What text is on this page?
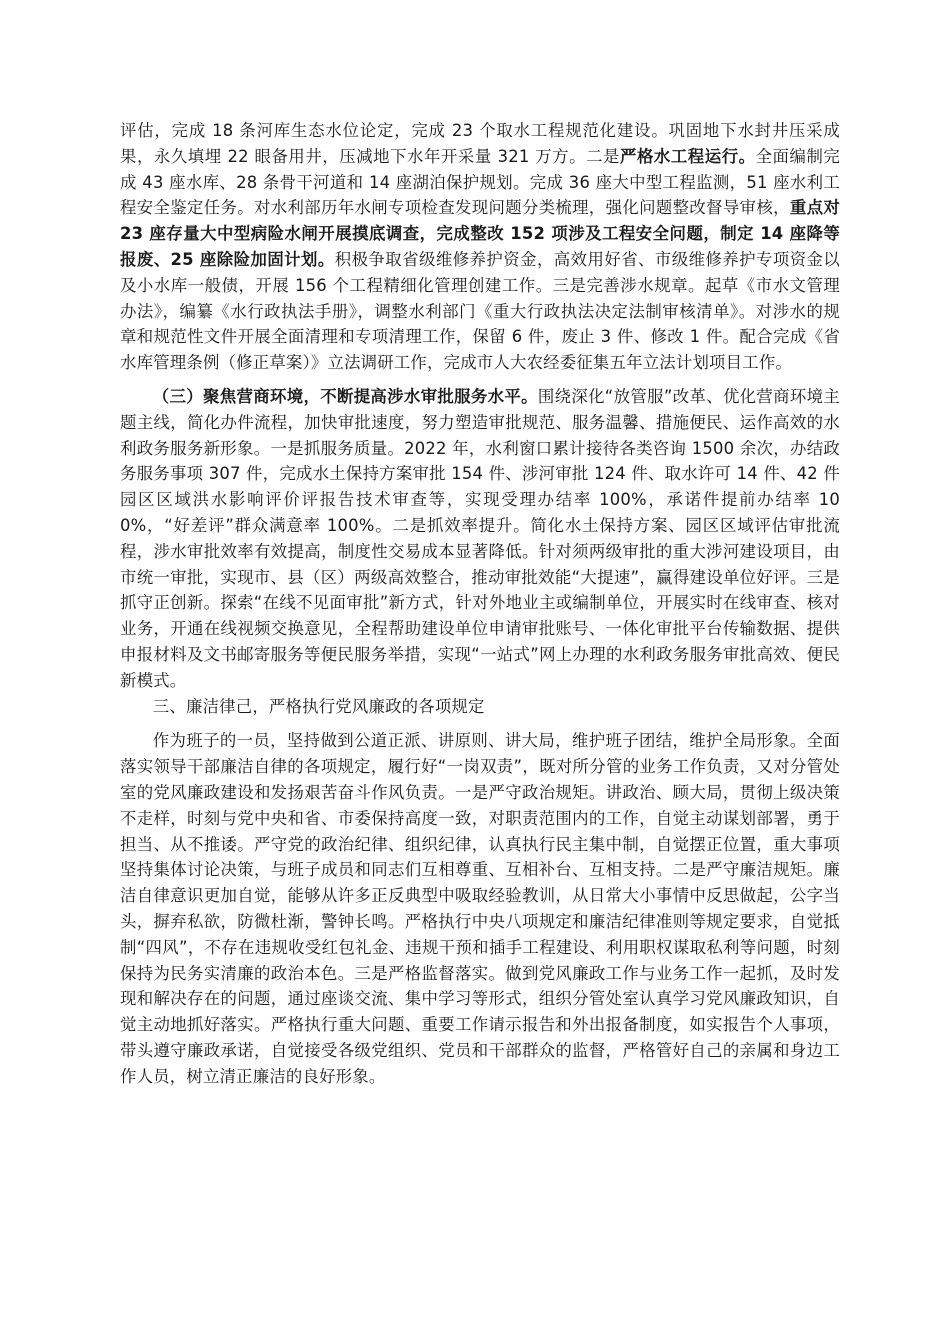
评估，完成 18 条河库生态水位论定，完成 23 个取水工程规范化建设。巩固地下水封井压采成果，永久填埋 22 眼备用井，压减地下水年开采量 321 万方。二是严格水工程运行。全面编制完成 43 座水库、28 条骨干河道和 14 座湖泊保护规划。完成 36 座大中型工程监测，51 座水利工程安全鉴定任务。对水利部历年水闸专项检查发现问题分类梳理，强化问题整改督导审核，重点对 23 座存量大中型病险水闸开展摸底调查，完成整改 152 项涉及工程安全问题，制定 14 座降等报废、25 座除险加固计划。积极争取省级维修养护资金，高效用好省、市级维修养护专项资金以及小水库一般债，开展 156 个工程精细化管理创建工作。三是完善涉水规章。起草《市水文管理办法》，编纂《水行政执法手册》，调整水利部门《重大行政执法决定法制审核清单》。对涉水的规章和规范性文件开展全面清理和专项清理工作，保留 6 件，废止 3 件、修改 1 件。配合完成《省水库管理条例（修正草案）》立法调研工作，完成市人大农经委征集五年立法计划项目工作。

（三）聚焦营商环境，不断提高涉水审批服务水平。围绕深化“放管服”改革、优化营商环境主题主线，简化办件流程，加快审批速度，努力塑造审批规范、服务温馨、措施便民、运作高效的水利政务服务新形象。一是抓服务质量。2022 年，水利窗口累计接待各类咨询 1500 余次，办结政务服务事项 307 件，完成水土保持方案审批 154 件、涉河审批 124 件、取水许可 14 件、42 件园区区域洪水影响评价评报告技术审查等，实现受理办结率 100%，承诺件提前办结率 100%，“好差评”群众满意率 100%。二是抓效率提升。简化水土保持方案、园区区域评估审批流程，涉水审批效率有效提高，制度性交易成本显著降低。针对须两级审批的重大涉河建设项目，由市统一审批，实现市、县（区）两级高效整合，推动审批效能“大提速”，赢得建设单位好评。三是抓守正创新。探索“在线不见面审批”新方式，针对外地业主或编制单位，开展实时在线审查、核对业务，开通在线视频交换意见，全程帮助建设单位申请审批账号、一体化审批平台传输数据、提供申报材料及文书邮寄服务等便民服务举措，实现“一站式”网上办理的水利政务服务审批高效、便民新模式。

三、廉洁律己，严格执行党风廉政的各项规定

作为班子的一员，坚持做到公道正派、讲原则、讲大局，维护班子团结，维护全局形象。全面落实领导干部廉洁自律的各项规定，履行好“一岗双责”，既对所分管的业务工作负责，又对分管处室的党风廉政建设和发扬艰苦奋斗作风负责。一是严守政治规矩。讲政治、顾大局，贯彻上级决策不走样，时刻与党中央和省、市委保持高度一致，对职责范围内的工作，自觉主动谋划部署，勇于担当、从不推诿。严守党的政治纪律、组织纪律，认真执行民主集中制，自觉摆正位置，重大事项坚持集体讨论决策，与班子成员和同志们互相尊重、互相补台、互相支持。二是严守廉洁规矩。廉洁自律意识更加自觉，能够从许多正反典型中吸取经验教训，从日常大小事情中反思做起，公字当头，摒弃私欲，防微杜渐，警钟长鸣。严格执行中央八项规定和廉洁纪律准则等规定要求，自觉抵制“四风”，不存在违规收受红包礼金、违规干预和插手工程建设、利用职权谋取私利等问题，时刻保持为民务实清廉的政治本色。三是严格监督落实。做到党风廉政工作与业务工作一起抓，及时发现和解决存在的问题，通过座谈交流、集中学习等形式，组织分管处室认真学习党风廉政知识，自觉主动地抓好落实。严格执行重大问题、重要工作请示报告和外出报备制度，如实报告个人事项，带头遵守廉政承诺，自觉接受各级党组织、党员和干部群众的监督，严格管好自己的亲属和身边工作人员，树立清正廉洁的良好形象。
